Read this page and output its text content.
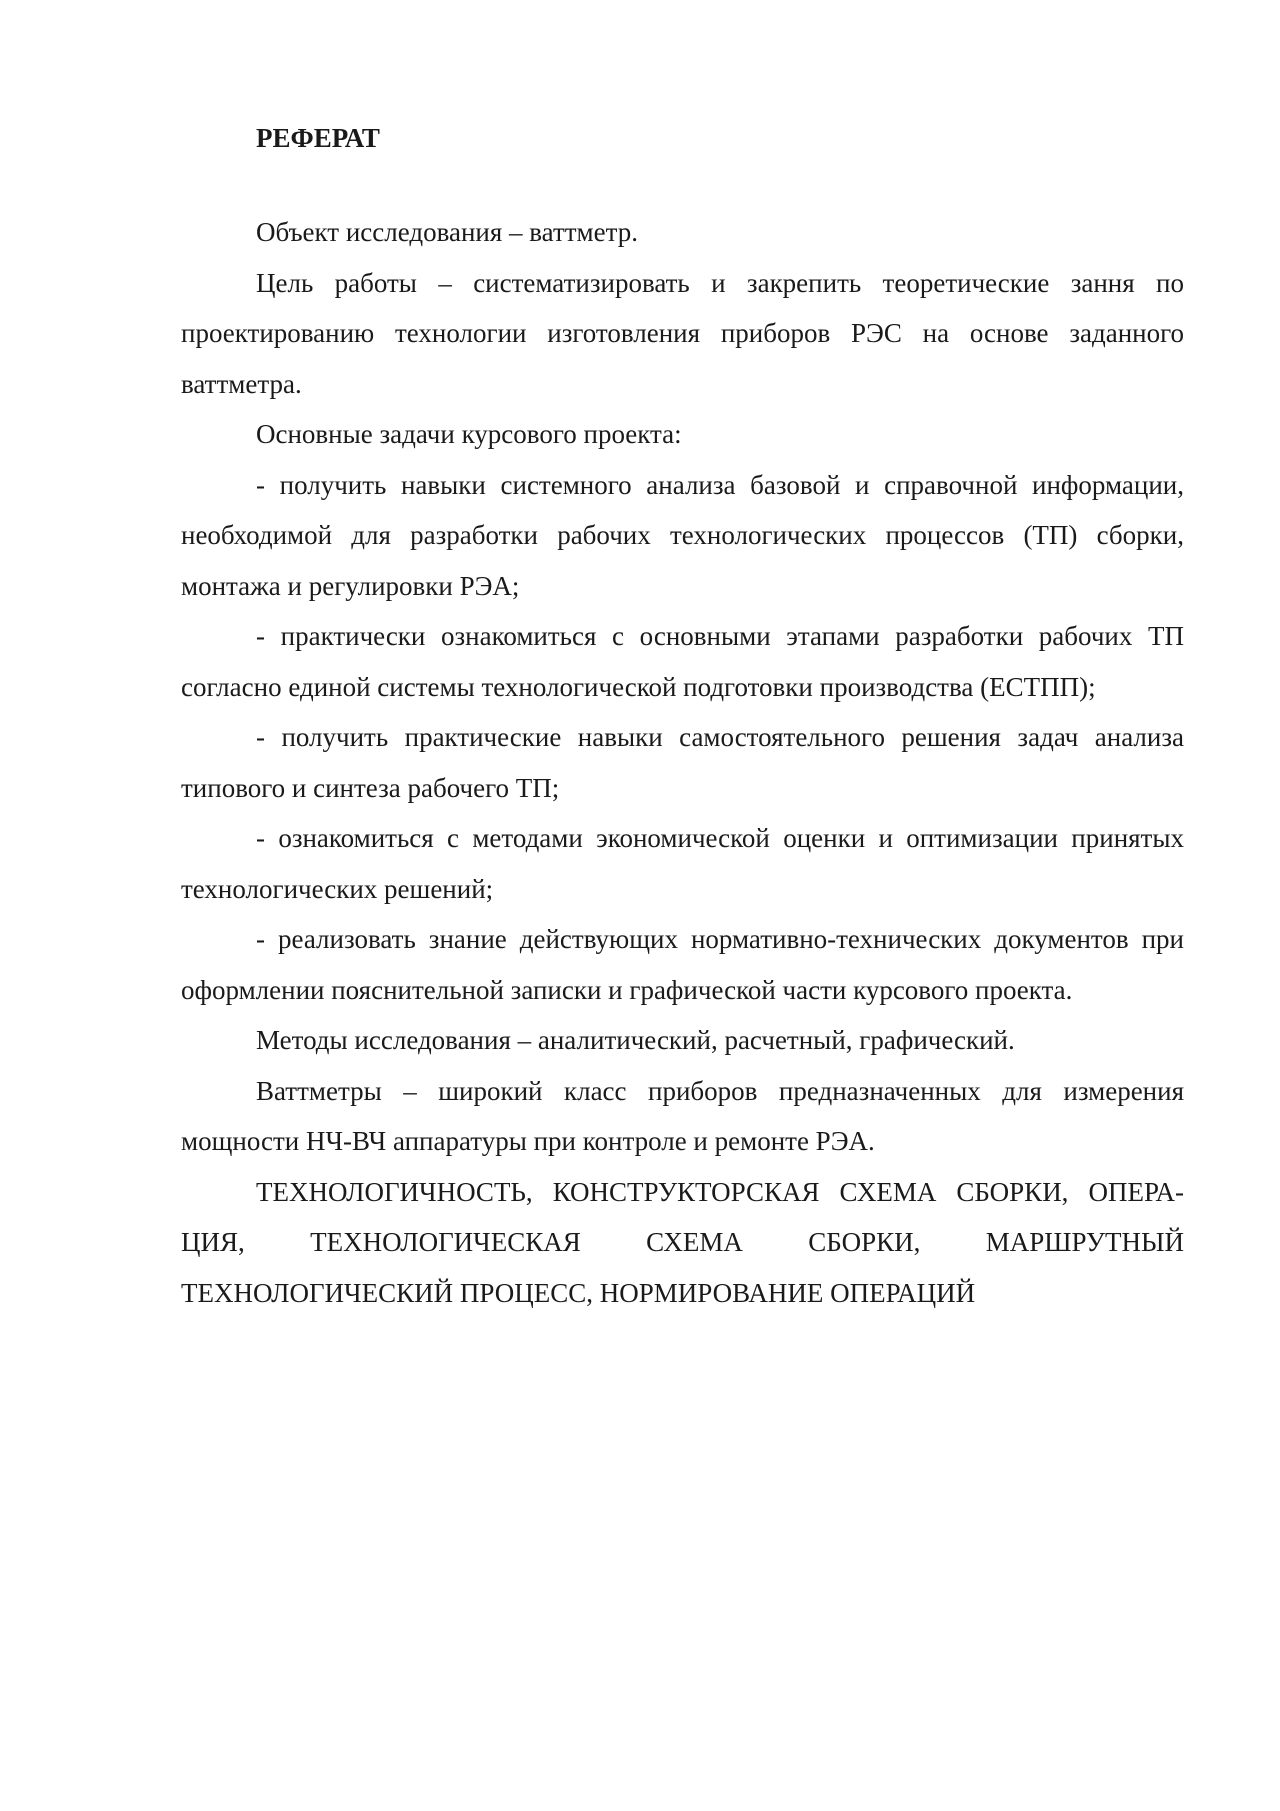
РЕФЕРАТ

Объект исследования – ваттметр.

Цель работы – систематизировать и закрепить теоретические зання по проектированию технологии изготовления приборов РЭС на основе заданного ваттметра.

Основные задачи курсового проекта:

- получить навыки системного анализа базовой и справочной информации, необходимой для разработки рабочих технологических процессов (ТП) сборки, монтажа и регулировки РЭА;

- практически ознакомиться с основными этапами разработки рабочих ТП согласно единой системы технологической подготовки производства (ЕСТПП);

- получить практические навыки самостоятельного решения задач анализа типового и синтеза рабочего ТП;

- ознакомиться с методами экономической оценки и оптимизации принятых технологических решений;

- реализовать знание действующих нормативно-технических документов при оформлении пояснительной записки и графической части курсового проекта.

Методы исследования – аналитический, расчетный, графический.

Ваттметры – широкий класс приборов предназначенных для измерения мощности НЧ-ВЧ аппаратуры при контроле и ремонте РЭА.

ТЕХНОЛОГИЧНОСТЬ, КОНСТРУКТОРСКАЯ СХЕМА СБОРКИ, ОПЕРА-ЦИЯ, ТЕХНОЛОГИЧЕСКАЯ СХЕМА СБОРКИ, МАРШРУТНЫЙ ТЕХНОЛОГИЧЕСКИЙ ПРОЦЕСС, НОРМИРОВАНИЕ ОПЕРАЦИЙ
